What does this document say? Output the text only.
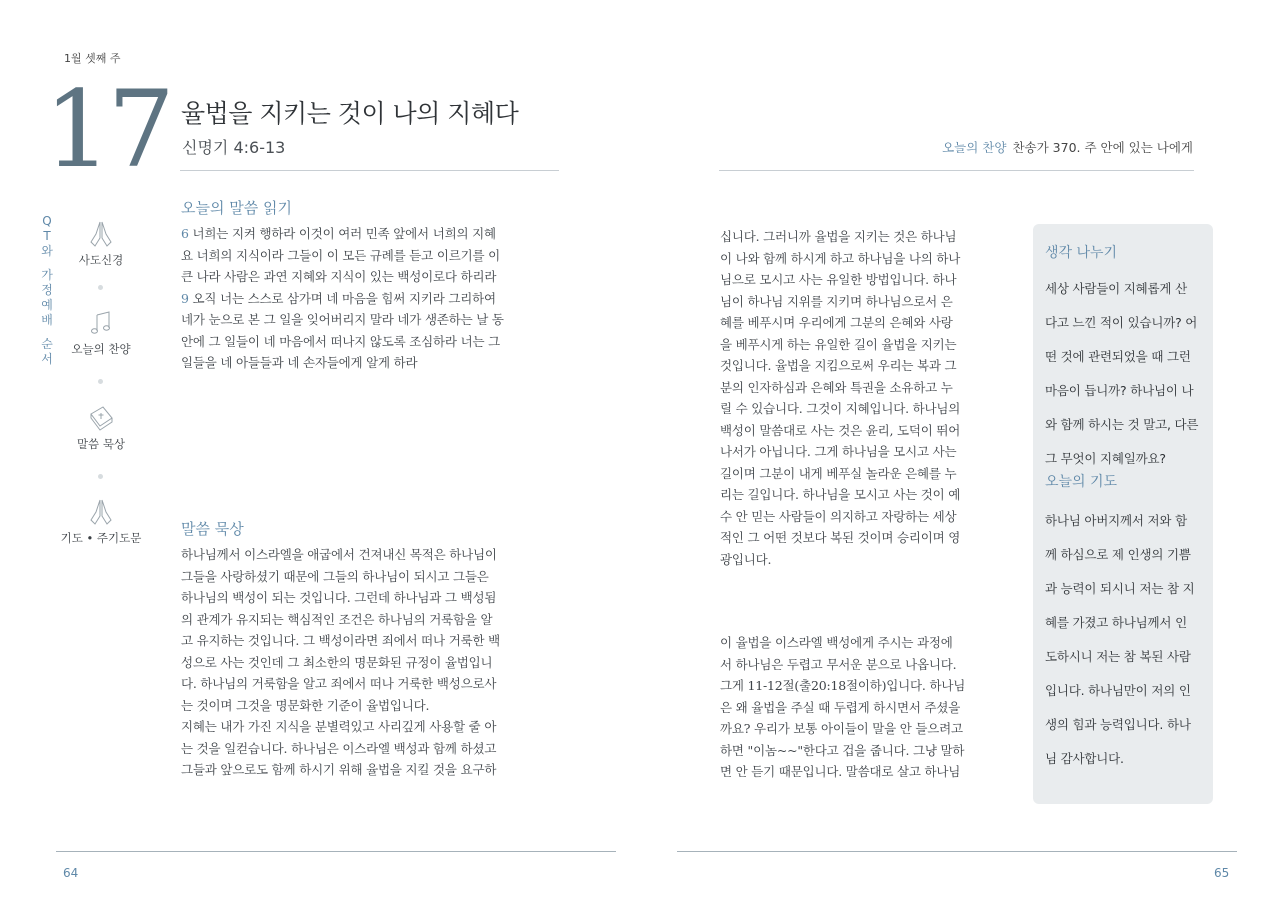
1월 셋째 주
17 율법을 지키는 것이 나의 지혜다
신명기 4:6-13	오늘의 찬양 찬송가 370. 주 안에 있는 나에게
Q
T
와
가
정
예
배
순
서
사도신경
오늘의 찬양
말씀 묵상
기도 • 주기도문
오늘의 말씀 읽기

6 너희는 지켜 행하라 이것이 여러 민족 앞에서 너희의 지혜

요 너희의 지식이라 그들이 이 모든 규례를 듣고 이르기를 이

큰 나라 사람은 과연 지혜와 지식이 있는 백성이로다 하리라

9 오직 너는 스스로 삼가며 네 마음을 힘써 지키라 그리하여

네가 눈으로 본 그 일을 잊어버리지 말라 네가 생존하는 날 동

안에 그 일들이 네 마음에서 떠나지 않도록 조심하라 너는 그

일들을 네 아들들과 네 손자들에게 알게 하라

말씀 묵상

하나님께서 이스라엘을 애굽에서 건져내신 목적은 하나님이

그들을 사랑하셨기 때문에 그들의 하나님이 되시고 그들은

하나님의 백성이 되는 것입니다. 그런데 하나님과 그 백성됨

의 관계가 유지되는 핵심적인 조건은 하나님의 거룩함을 알

고 유지하는 것입니다. 그 백성이라면 죄에서 떠나 거룩한 백

성으로 사는 것인데 그 최소한의 명문화된 규정이 율법입니

다. 하나님의 거룩함을 알고 죄에서 떠나 거룩한 백성으로사

는 것이며 그것을 명문화한 기준이 율법입니다.

지혜는 내가 가진 지식을 분별력있고 사리깊게 사용할 줄 아

는 것을 일컫습니다. 하나님은 이스라엘 백성과 함께 하셨고

그들과 앞으로도 함께 하시기 위해 율법을 지킬 것을 요구하

십니다. 그러니까 율법을 지키는 것은 하나님

이 나와 함께 하시게 하고 하나님을 나의 하나

님으로 모시고 사는 유일한 방법입니다. 하나

님이 하나님 지위를 지키며 하나님으로서 은

혜를 베푸시며 우리에게 그분의 은혜와 사랑

을 베푸시게 하는 유일한 길이 율법을 지키는

것입니다. 율법을 지킴으로써 우리는 복과 그

분의 인자하심과 은혜와 특권을 소유하고 누

릴 수 있습니다. 그것이 지혜입니다. 하나님의

백성이 말씀대로 사는 것은 윤리, 도덕이 뛰어

나서가 아닙니다. 그게 하나님을 모시고 사는

길이며 그분이 내게 베푸실 놀라운 은혜를 누

리는 길입니다. 하나님을 모시고 사는 것이 예

수 안 믿는 사람들이 의지하고 자랑하는 세상

적인 그 어떤 것보다 복된 것이며 승리이며 영

광입니다.

이 율법을 이스라엘 백성에게 주시는 과정에

서 하나님은 두렵고 무서운 분으로 나옵니다.

그게 11-12절(출20:18절이하)입니다. 하나님

은 왜 율법을 주실 때 두렵게 하시면서 주셨을

까요? 우리가 보통 아이들이 말을 안 들으려고

하면 "이놈~~"한다고 겁을 줍니다. 그냥 말하

면 안 듣기 때문입니다. 말씀대로 살고 하나님

생각 나누기

세상 사람들이 지혜롭게 산

다고 느낀 적이 있습니까? 어

떤 것에 관련되었을 때 그런

마음이 듭니까? 하나님이 나

와 함께 하시는 것 말고, 다른

그 무엇이 지혜일까요?

오늘의 기도

하나님 아버지께서 저와 함

께 하심으로 제 인생의 기쁨

과 능력이 되시니 저는 참 지

혜를 가졌고 하나님께서 인

도하시니 저는 참 복된 사람

입니다. 하나님만이 저의 인

생의 힘과 능력입니다. 하나

님 감사합니다.

64	65
